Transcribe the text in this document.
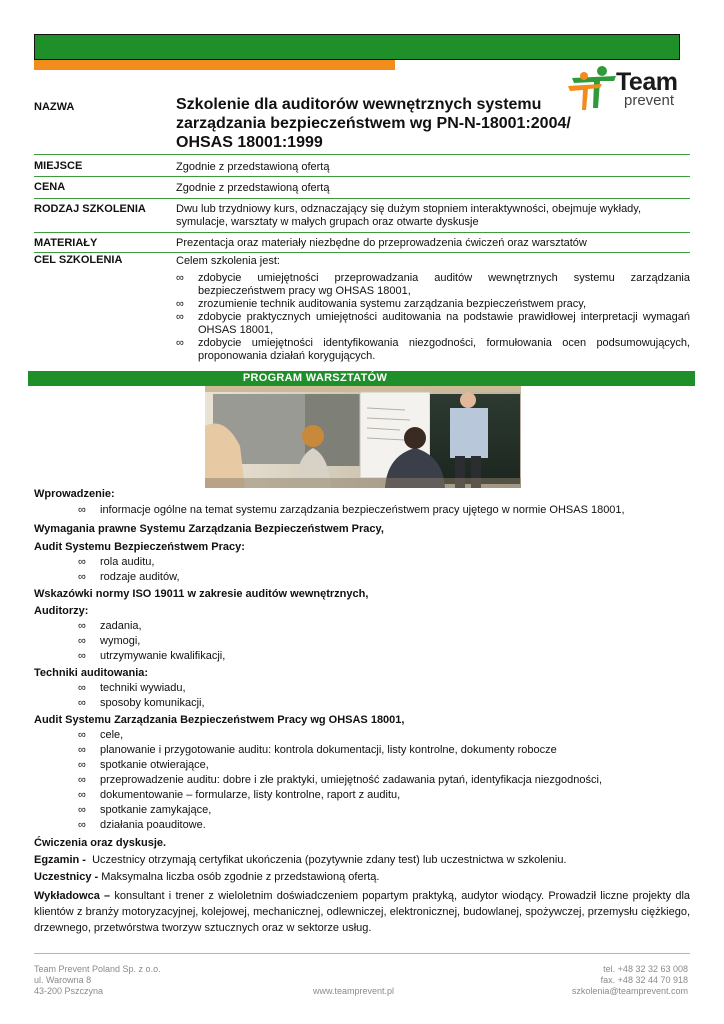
Team
prevent
NAZWA	Szkolenie dla auditorów wewnętrznych systemu zarządzania bezpieczeństwem wg PN-N-18001:2004/ OHSAS 18001:1999
MIEJSCE	Zgodnie z przedstawioną ofertą
CENA	Zgodnie z przedstawioną ofertą
RODZAJ SZKOLENIA	Dwu lub trzydniowy kurs, odznaczający się dużym stopniem interaktywności, obejmuje wykłady, symulacje, warsztaty w małych grupach oraz otwarte dyskusje
MATERIAŁY	Prezentacja oraz materiały niezbędne do przeprowadzenia ćwiczeń oraz warsztatów
CEL SZKOLENIA	Celem szkolenia jest:
∞	zdobycie umiejętności przeprowadzania auditów wewnętrznych systemu zarządzania bezpieczeństwem pracy wg OHSAS 18001,
∞	zrozumienie technik auditowania systemu zarządzania bezpieczeństwem pracy,
∞	zdobycie praktycznych umiejętności auditowania na podstawie prawidłowej interpretacji wymagań OHSAS 18001,
∞	zdobycie umiejętności identyfikowania niezgodności, formułowania ocen podsumowujących, proponowania działań korygujących.
PROGRAM WARSZTATÓW
Wprowadzenie:
∞ informacje ogólne na temat systemu zarządzania bezpieczeństwem pracy ujętego w normie OHSAS 18001,
Wymagania prawne Systemu Zarządzania Bezpieczeństwem Pracy,
Audit Systemu Bezpieczeństwem Pracy:
∞ rola auditu,
∞ rodzaje auditów,
Wskazówki normy ISO 19011 w zakresie auditów wewnętrznych,
Auditorzy:
∞ zadania,
∞ wymogi,
∞ utrzymywanie kwalifikacji,
Techniki auditowania:
∞ techniki wywiadu,
∞ sposoby komunikacji,
Audit Systemu Zarządzania Bezpieczeństwem Pracy wg OHSAS 18001,
∞ cele,
∞ planowanie i przygotowanie auditu: kontrola dokumentacji, listy kontrolne, dokumenty robocze
∞ spotkanie otwierające,
∞ przeprowadzenie auditu: dobre i złe praktyki, umiejętność zadawania pytań, identyfikacja niezgodności,
∞ dokumentowanie – formularze, listy kontrolne, raport z auditu,
∞ spotkanie zamykające,
∞ działania poauditowe.
Ćwiczenia oraz dyskusje.
Egzamin - Uczestnicy otrzymają certyfikat ukończenia (pozytywnie zdany test) lub uczestnictwa w szkoleniu.
Uczestnicy - Maksymalna liczba osób zgodnie z przedstawioną ofertą.
Wykładowca – konsultant i trener z wieloletnim doświadczeniem popartym praktyką, audytor wiodący. Prowadził liczne projekty dla klientów z branży motoryzacyjnej, kolejowej, mechanicznej, odlewniczej, elektronicznej, budowlanej, spożywczej, przemysłu ciężkiego, drzewnego, przetwórstwa tworzyw sztucznych oraz w sektorze usług.
Team Prevent Poland Sp. z o.o.
ul. Warowna 8
43-200 Pszczyna	www.teamprevent.pl
tel. +48 32 32 63 008
fax. +48 32 44 70 918
szkolenia@teamprevent.com
